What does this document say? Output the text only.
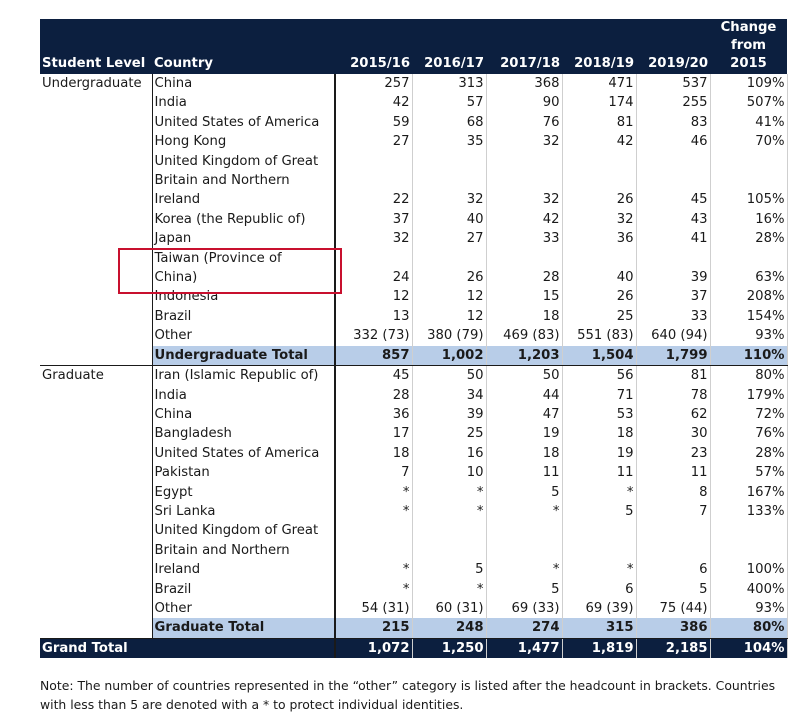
Student Level	Country	2015/16	2016/17	2017/18	2018/19	2019/20	Change
from
2015

Undergraduate	China	257	313	368	471	537	109%
	India	42	57	90	174	255	507%
	United States of America	59	68	76	81	83	41%
	Hong Kong	27	35	32	42	46	70%
	United Kingdom of Great						
	Britain and Northern						
	Ireland	22	32	32	26	45	105%
	Korea (the Republic of)	37	40	42	32	43	16%
	Japan	32	27	33	36	41	28%
	Taiwan (Province of						
	China)	24	26	28	40	39	63%
	Indonesia	12	12	15	26	37	208%
	Brazil	13	12	18	25	33	154%
	Other	332 (73)	380 (79)	469 (83)	551 (83)	640 (94)	93%
	Undergraduate Total	857	1,002	1,203	1,504	1,799	110%
Graduate	Iran (Islamic Republic of)	45	50	50	56	81	80%
	India	28	34	44	71	78	179%
	China	36	39	47	53	62	72%
	Bangladesh	17	25	19	18	30	76%
	United States of America	18	16	18	19	23	28%
	Pakistan	7	10	11	11	11	57%
	Egypt	*	*	5	*	8	167%
	Sri Lanka	*	*	*	5	7	133%
	United Kingdom of Great						
	Britain and Northern						
	Ireland	*	5	*	*	6	100%
	Brazil	*	*	5	6	5	400%
	Other	54 (31)	60 (31)	69 (33)	69 (39)	75 (44)	93%
	Graduate Total	215	248	274	315	386	80%
Grand Total		1,072	1,250	1,477	1,819	2,185	104%

Note: The number of countries represented in the “other” category is listed after the headcount in brackets. Countries with less than 5 are denoted with a * to protect individual identities.
